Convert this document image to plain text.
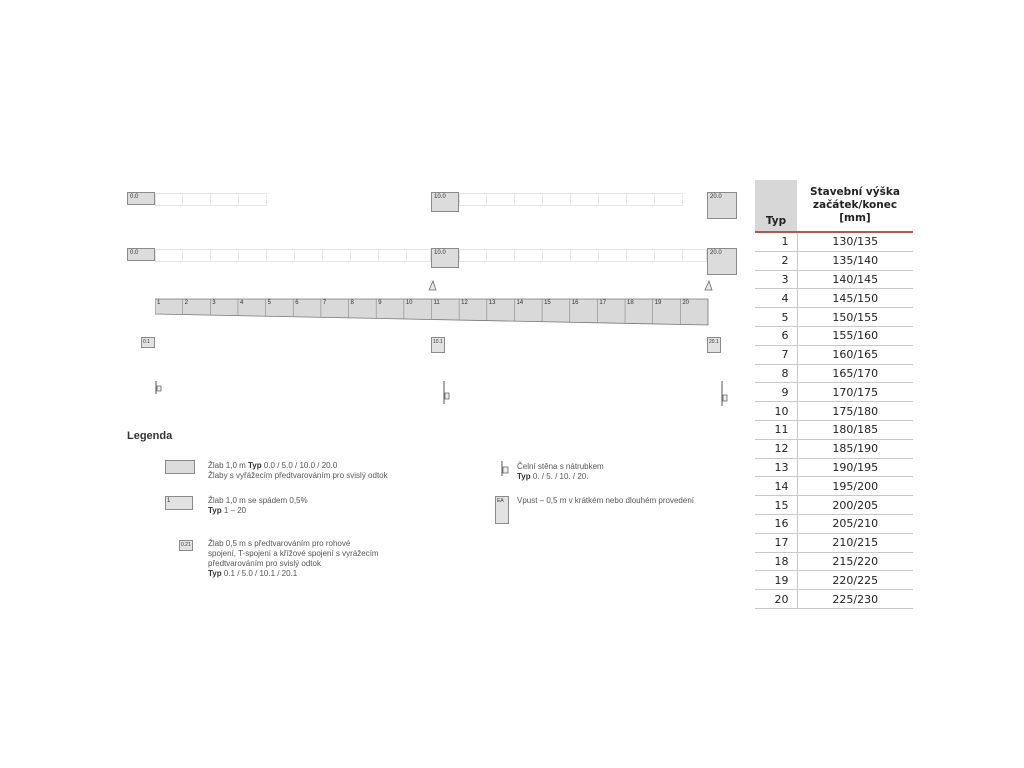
0.0	10.0	20.0
0.0	10.0	20.0
1	2	3	4	5	6	7	8	9	10	11	12	13	14	15	16	17	18	19	20
0.1	10.1	20.1
Legenda
Žlab 1,0 m Typ 0.0 / 5.0 / 10.0 / 20.0
Žlaby s vyřážecím předtvarováním pro svislý odtok
1	Žlab 1,0 m se spádem 0,5%
Typ 1 – 20
0.21 Žlab 0,5 m s předtvarováním pro rohové
spojení, T-spojení a křížové spojení s vyrážecím
předtvarováním pro svislý odtok
Typ 0.1 / 5.0 / 10.1 / 20.1
Čelní stěna s nátrubkem
Typ 0. / 5. / 10. / 20.
EA	Vpust – 0,5 m v krátkém nebo dlouhém provedení
Typ	Stavební výška
začátek/konec
[mm]

1	130/135
2	135/140
3	140/145
4	145/150
5	150/155
6	155/160
7	160/165
8	165/170
9	170/175
10	175/180
11	180/185
12	185/190
13	190/195
14	195/200
15	200/205
16	205/210
17	210/215
18	215/220
19	220/225
20	225/230
